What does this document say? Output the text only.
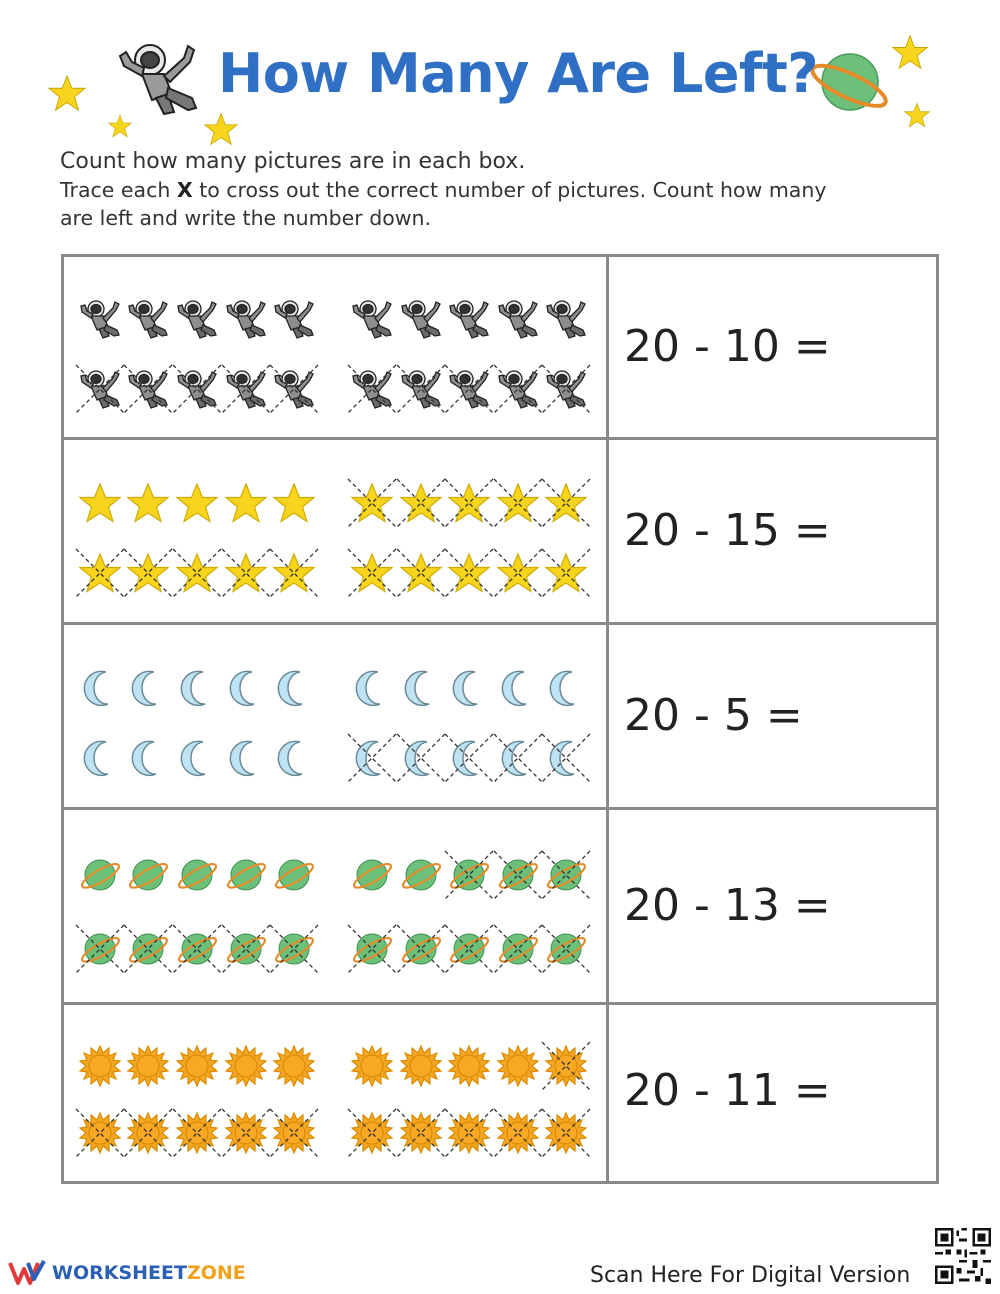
How Many Are Left?

Count how many pictures are in each box.

Trace each X to cross out the correct number of pictures. Count how many

are left and write the number down.

20 - 10 =
20 - 15 =
20 - 5 =
20 - 13 =
20 - 11 =
WORKSHEETZONE	Scan Here For Digital Version
